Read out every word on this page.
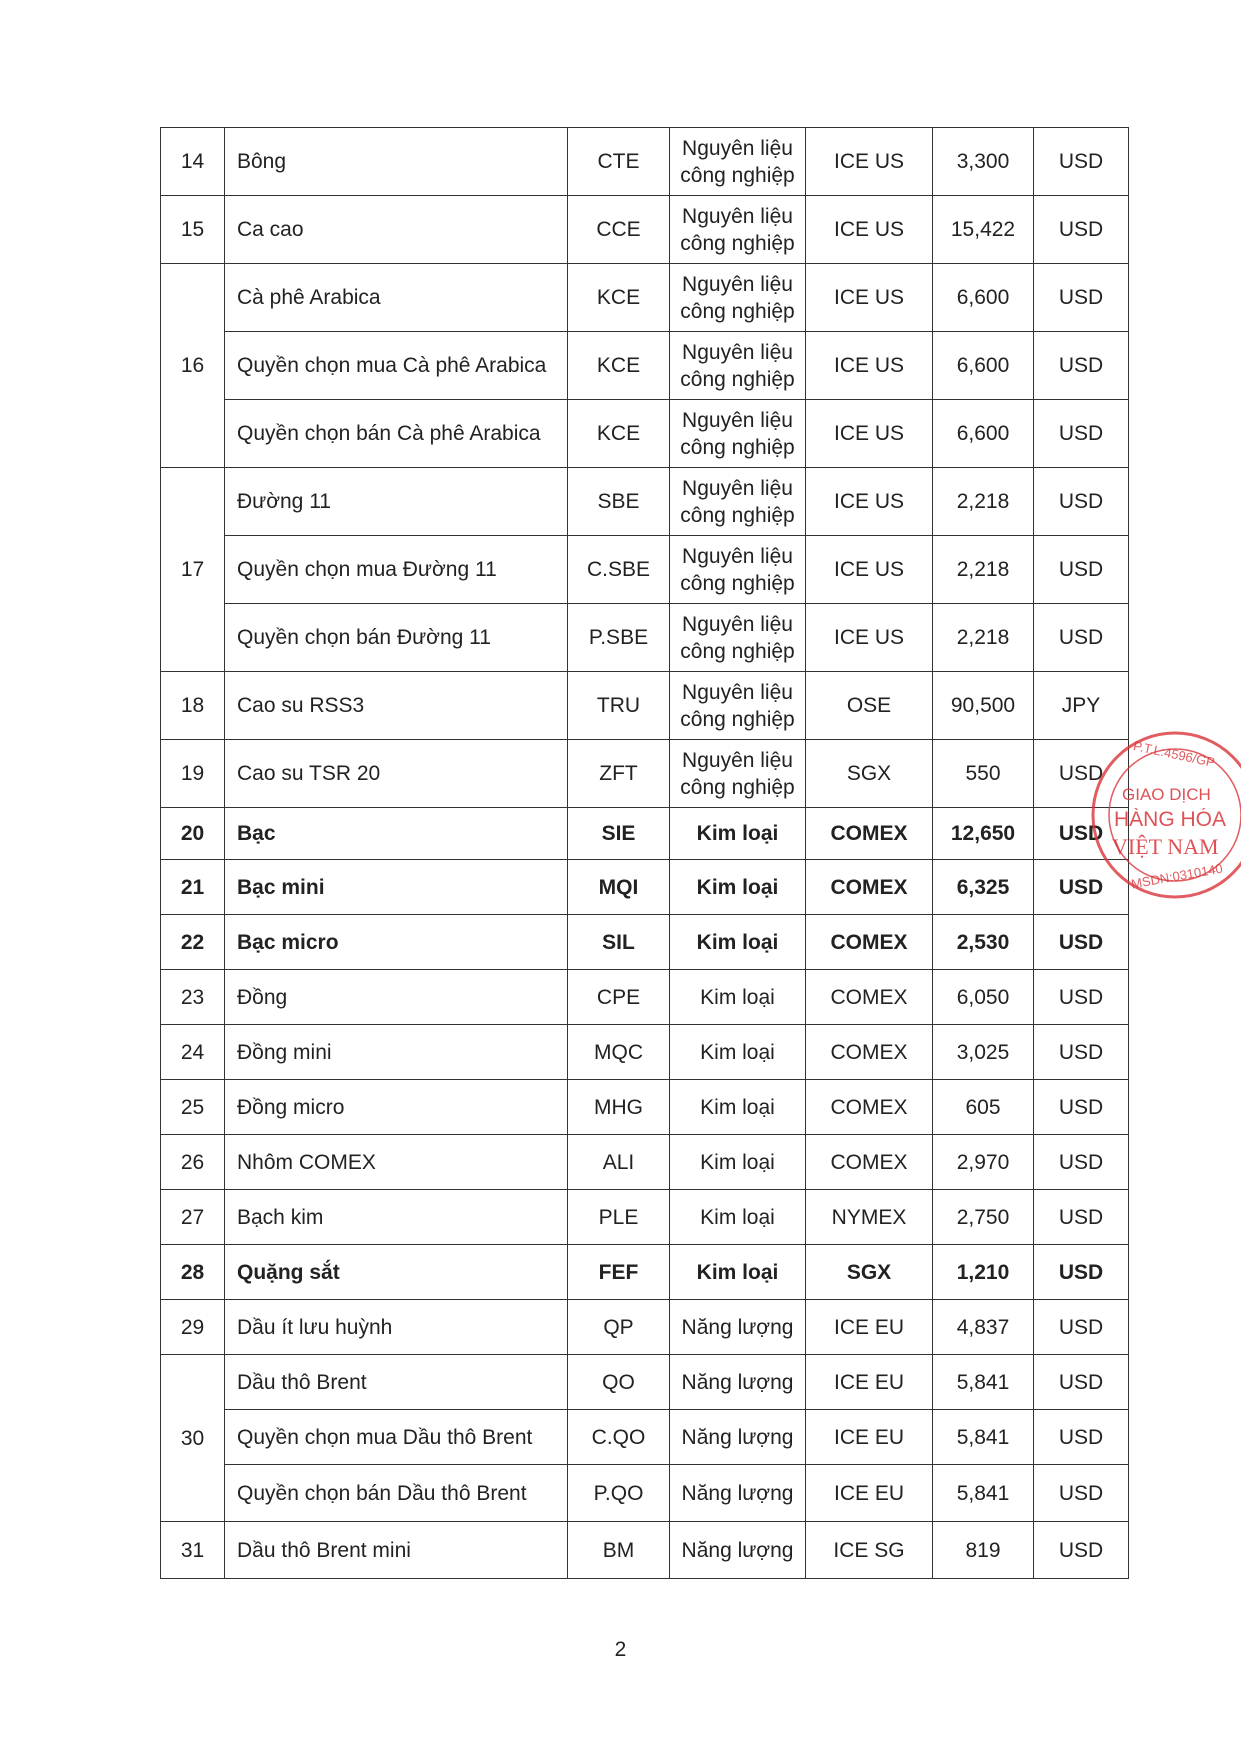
14	Bông	CTE	Nguyên liệu
công nghiệp	ICE US	3,300	USD
15	Ca cao	CCE	Nguyên liệu
công nghiệp	ICE US	15,422	USD
16	Cà phê Arabica	KCE	Nguyên liệu
công nghiệp	ICE US	6,600	USD
	Quyền chọn mua Cà phê Arabica	KCE	Nguyên liệu
công nghiệp	ICE US	6,600	USD
	Quyền chọn bán Cà phê Arabica	KCE	Nguyên liệu
công nghiệp	ICE US	6,600	USD
17	Đường 11	SBE	Nguyên liệu
công nghiệp	ICE US	2,218	USD
	Quyền chọn mua Đường 11	C.SBE	Nguyên liệu
công nghiệp	ICE US	2,218	USD
	Quyền chọn bán Đường 11	P.SBE	Nguyên liệu
công nghiệp	ICE US	2,218	USD
18	Cao su RSS3	TRU	Nguyên liệu
công nghiệp	OSE	90,500	JPY
19	Cao su TSR 20	ZFT	Nguyên liệu
công nghiệp	SGX	550	USD
20	Bạc	SIE	Kim loại	COMEX	12,650	USD
21	Bạc mini	MQI	Kim loại	COMEX	6,325	USD
22	Bạc micro	SIL	Kim loại	COMEX	2,530	USD
23	Đồng	CPE	Kim loại	COMEX	6,050	USD
24	Đồng mini	MQC	Kim loại	COMEX	3,025	USD
25	Đồng micro	MHG	Kim loại	COMEX	605	USD
26	Nhôm COMEX	ALI	Kim loại	COMEX	2,970	USD
27	Bạch kim	PLE	Kim loại	NYMEX	2,750	USD
28	Quặng sắt	FEF	Kim loại	SGX	1,210	USD
29	Dầu ít lưu huỳnh	QP	Năng lượng	ICE EU	4,837	USD
30	Dầu thô Brent	QO	Năng lượng	ICE EU	5,841	USD
	Quyền chọn mua Dầu thô Brent	C.QO	Năng lượng	ICE EU	5,841	USD
	Quyền chọn bán Dầu thô Brent	P.QO	Năng lượng	ICE EU	5,841	USD
31	Dầu thô Brent mini	BM	Năng lượng	ICE SG	819	USD
2
GIAO DỊCH
HÀNG HÓA
VIỆT NAM
P.T.L:4596/GP
MSDN:0310140
